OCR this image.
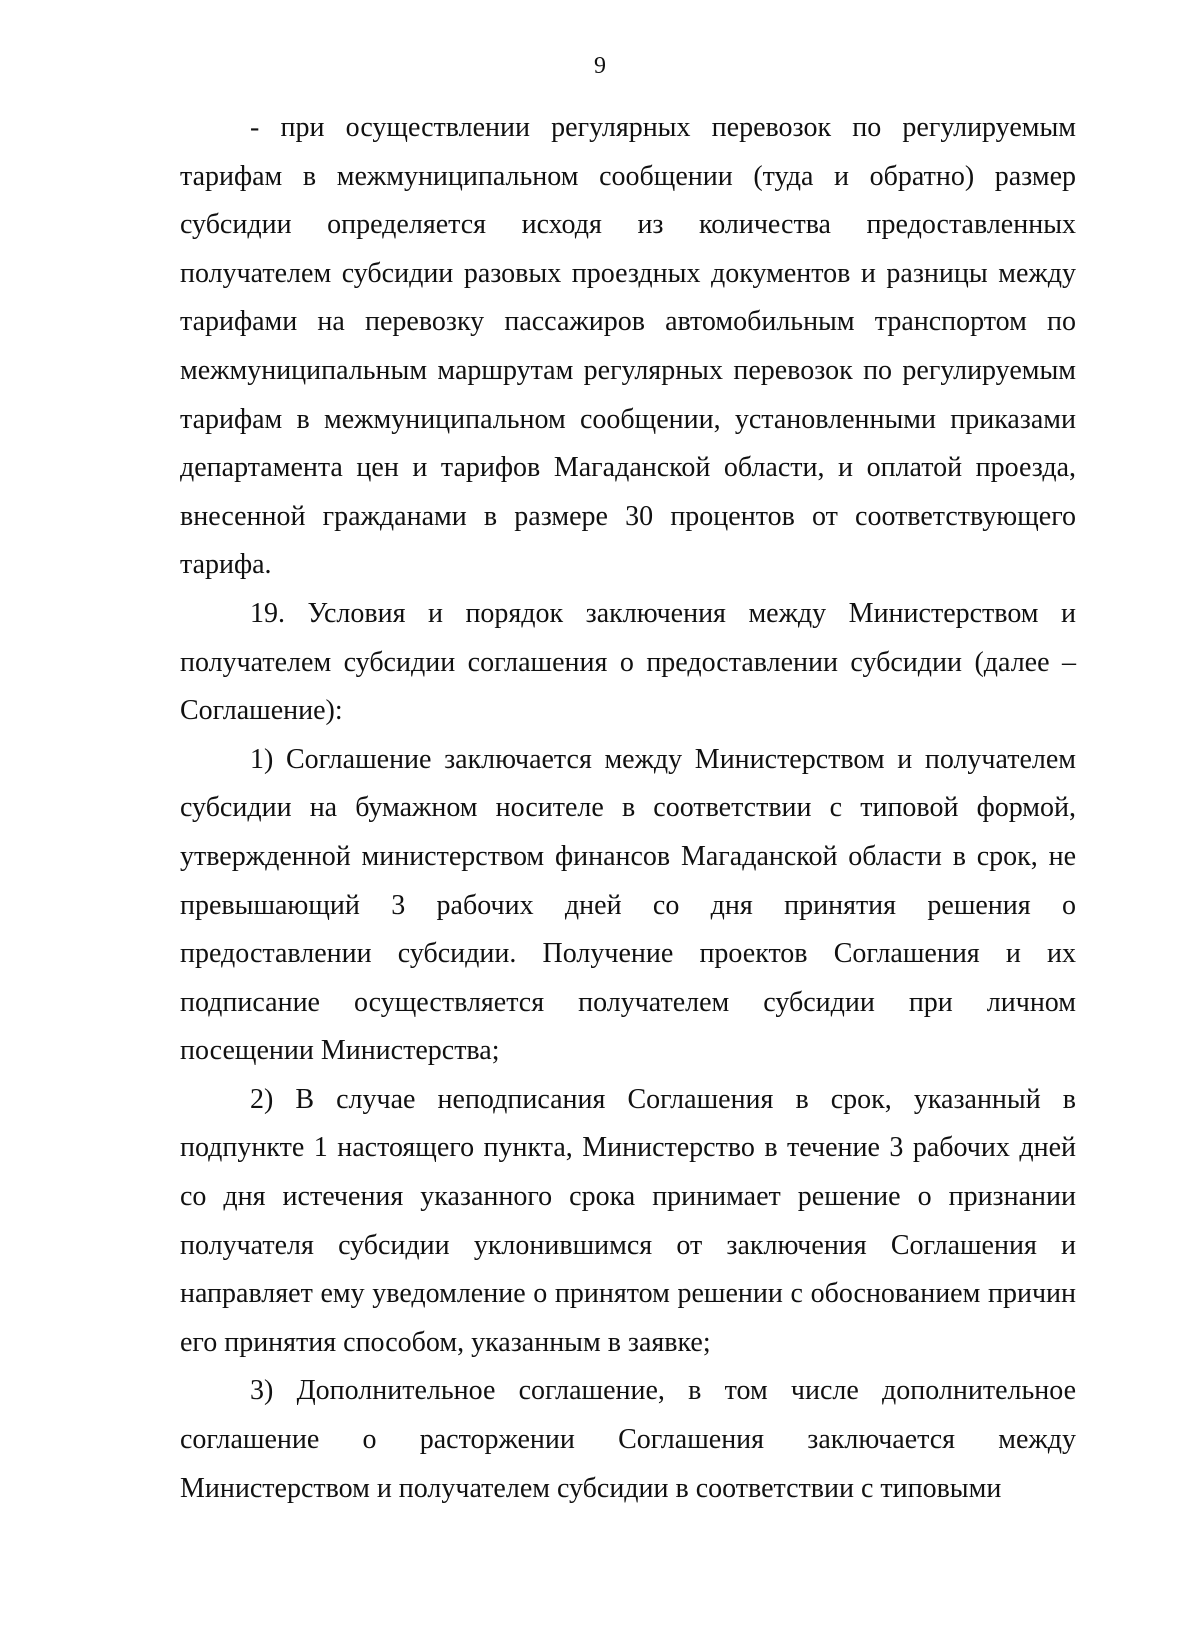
9

- при осуществлении регулярных перевозок по регулируемым тарифам в межмуниципальном сообщении (туда и обратно) размер субсидии определяется исходя из количества предоставленных получателем субсидии разовых проездных документов и разницы между тарифами на перевозку пассажиров автомобильным транспортом по межмуниципальным маршрутам регулярных перевозок по регулируемым тарифам в межмуниципальном сообщении, установленными приказами департамента цен и тарифов Магаданской области, и оплатой проезда, внесенной гражданами в размере 30 процентов от соответствующего тарифа.

19. Условия и порядок заключения между Министерством и получателем субсидии соглашения о предоставлении субсидии (далее – Соглашение):

1) Соглашение заключается между Министерством и получателем субсидии на бумажном носителе в соответствии с типовой формой, утвержденной министерством финансов Магаданской области в срок, не превышающий 3 рабочих дней со дня принятия решения о предоставлении субсидии. Получение проектов Соглашения и их подписание осуществляется получателем субсидии при личном посещении Министерства;

2) В случае неподписания Соглашения в срок, указанный в подпункте 1 настоящего пункта, Министерство в течение 3 рабочих дней со дня истечения указанного срока принимает решение о признании получателя субсидии уклонившимся от заключения Соглашения и направляет ему уведомление о принятом решении с обоснованием причин его принятия способом, указанным в заявке;

3) Дополнительное соглашение, в том числе дополнительное соглашение о расторжении Соглашения заключается между Министерством и получателем субсидии в соответствии с типовыми
